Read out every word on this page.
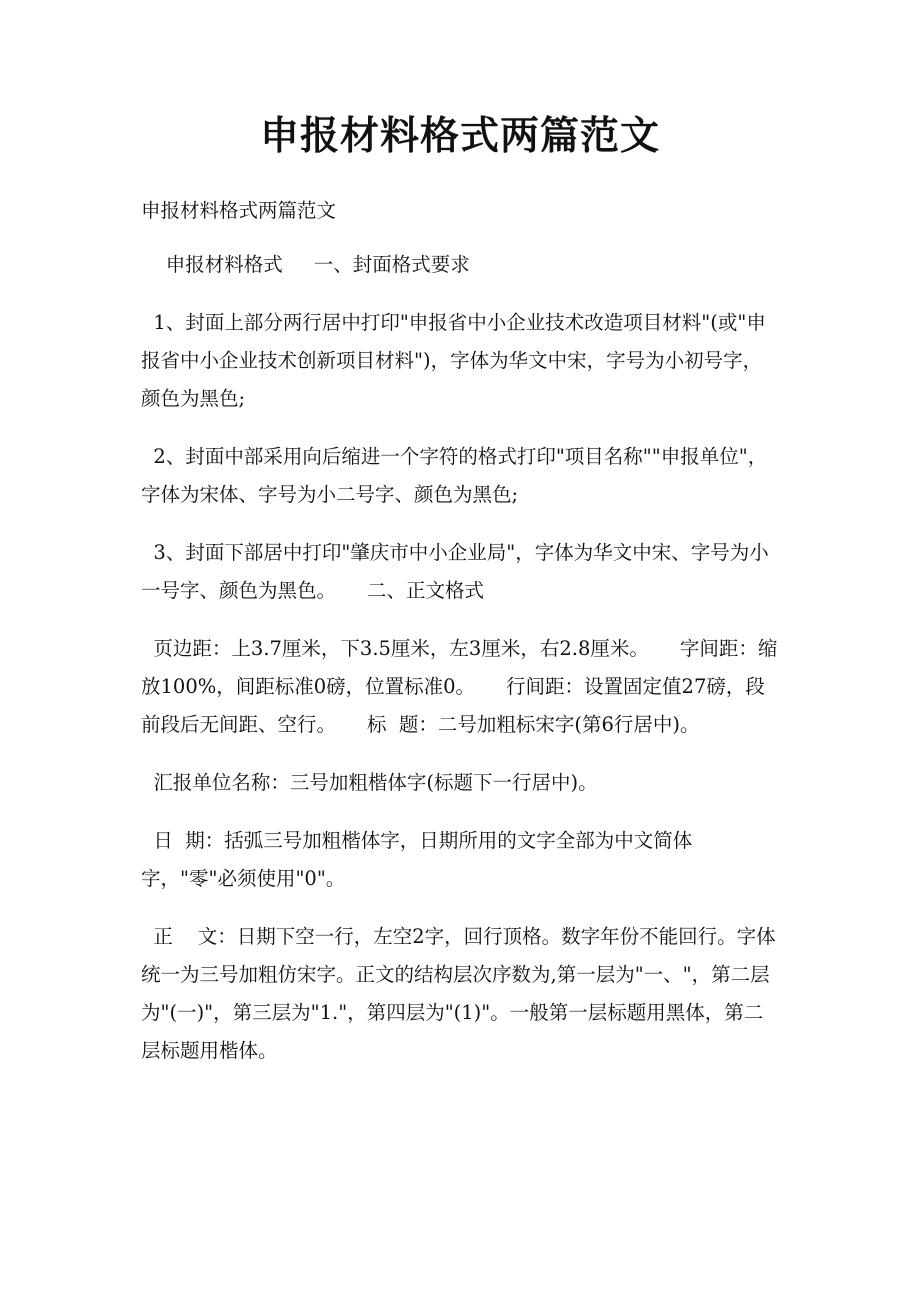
申报材料格式两篇范文

申报材料格式两篇范文

申报材料格式     一、封面格式要求

1、封面上部分两行居中打印"申报省中小企业技术改造项目材料"(或"申报省中小企业技术创新项目材料")，字体为华文中宋，字号为小初号字，颜色为黑色;

2、封面中部采用向后缩进一个字符的格式打印"项目名称""申报单位"，字体为宋体、字号为小二号字、颜色为黑色;

3、封面下部居中打印"肇庆市中小企业局"，字体为华文中宋、字号为小一号字、颜色为黑色。     二、正文格式

页边距：上3.7厘米，下3.5厘米，左3厘米，右2.8厘米。     字间距：缩放100%，间距标准0磅，位置标准0。     行间距：设置固定值27磅，段前段后无间距、空行。     标  题：二号加粗标宋字(第6行居中)。

汇报单位名称：三号加粗楷体字(标题下一行居中)。

日  期：括弧三号加粗楷体字，日期所用的文字全部为中文简体字，"零"必须使用"0"。

正    文：日期下空一行，左空2字，回行顶格。数字年份不能回行。字体统一为三号加粗仿宋字。正文的结构层次序数为,第一层为"一、"，第二层为"(一)"，第三层为"1."，第四层为"(1)"。一般第一层标题用黑体，第二层标题用楷体。
